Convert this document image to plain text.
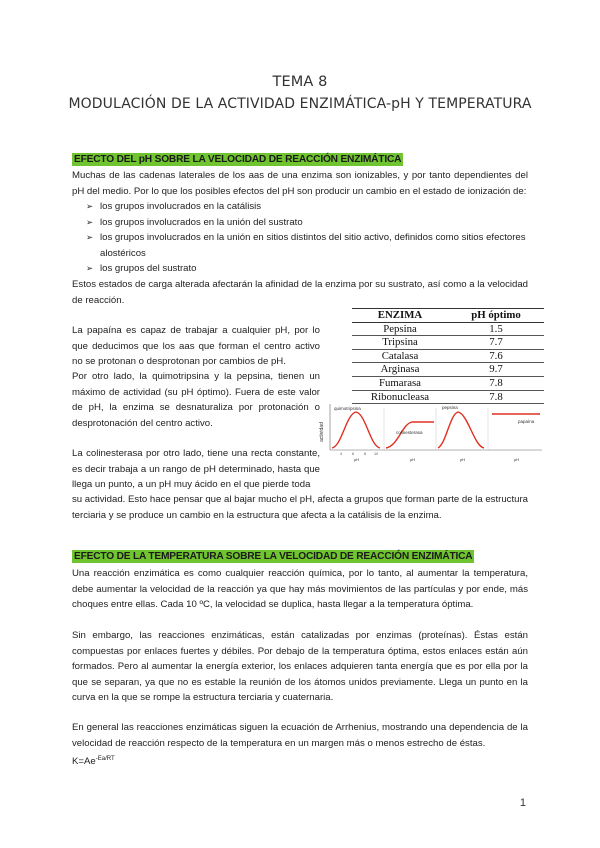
TEMA 8
MODULACIÓN DE LA ACTIVIDAD ENZIMÁTICA-pH Y TEMPERATURA
EFECTO DEL pH SOBRE LA VELOCIDAD DE REACCIÓN ENZIMÁTICA
Muchas de las cadenas laterales de los aas de una enzima son ionizables, y por tanto dependientes del pH del medio. Por lo que los posibles efectos del pH son producir un cambio en el estado de ionización de:
➢ los grupos involucrados en la catálisis
➢ los grupos involucrados en la unión del sustrato
➢ los grupos involucrados en la unión en sitios distintos del sitio activo, definidos como sitios efectores alostéricos
➢ los grupos del sustrato
Estos estados de carga alterada afectarán la afinidad de la enzima por su sustrato, así como a la velocidad de reacción.
La papaína es capaz de trabajar a cualquier pH, por lo que deducimos que los aas que forman el centro activo no se protonan o desprotonan por cambios de pH.
Por otro lado, la quimotripsina y la pepsina, tienen un máximo de actividad (su pH óptimo). Fuera de este valor de pH, la enzima se desnaturaliza por protonación o desprotonación del centro activo.
La colinesterasa por otro lado, tiene una recta constante, es decir trabaja a un rango de pH determinado, hasta que llega un punto, a un pH muy ácido en el que pierde toda
su actividad. Esto hace pensar que al bajar mucho el pH, afecta a grupos que forman parte de la estructura terciaria y se produce un cambio en la estructura que afecta a la catálisis de la enzima.
ENZIMA	pH óptimo
Pepsina	1.5
Tripsina	7.7
Catalasa	7.6
Arginasa	9.7
Fumarasa	7.8
Ribonucleasa	7.8
actividad
quimotripsina
colinesterasa
pepsina
papaína
4	6	8 10
pH	pH	pH	pH
EFECTO DE LA TEMPERATURA SOBRE LA VELOCIDAD DE REACCIÓN ENZIMÁTICA
Una reacción enzimática es como cualquier reacción química, por lo tanto, al aumentar la temperatura, debe aumentar la velocidad de la reacción ya que hay más movimientos de las partículas y por ende, más choques entre ellas. Cada 10 ºC, la velocidad se duplica, hasta llegar a la temperatura óptima.
Sin embargo, las reacciones enzimáticas, están catalizadas por enzimas (proteínas). Éstas están compuestas por enlaces fuertes y débiles. Por debajo de la temperatura óptima, estos enlaces están aún formados. Pero al aumentar la energía exterior, los enlaces adquieren tanta energía que es por ella por la que se separan, ya que no es estable la reunión de los átomos unidos previamente. Llega un punto en la curva en la que se rompe la estructura terciaria y cuaternaria.
En general las reacciones enzimáticas siguen la ecuación de Arrhenius, mostrando una dependencia de la velocidad de reacción respecto de la temperatura en un margen más o menos estrecho de éstas.
$K=Ae^{-Ea/RT}$
1
